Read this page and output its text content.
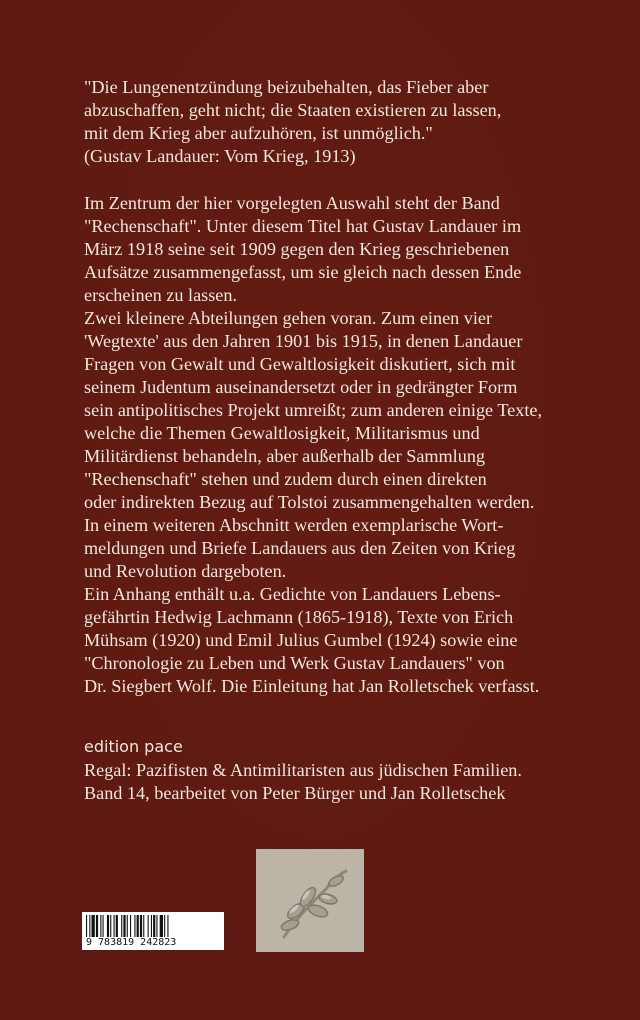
"Die Lungenentzündung beizubehalten, das Fieber aber
abzuschaffen, geht nicht; die Staaten existieren zu lassen,
mit dem Krieg aber aufzuhören, ist unmöglich."
(Gustav Landauer: Vom Krieg, 1913)
Im Zentrum der hier vorgelegten Auswahl steht der Band
"Rechenschaft". Unter diesem Titel hat Gustav Landauer im
März 1918 seine seit 1909 gegen den Krieg geschriebenen
Aufsätze zusammengefasst, um sie gleich nach dessen Ende
erscheinen zu lassen.
Zwei kleinere Abteilungen gehen voran. Zum einen vier
'Wegtexte' aus den Jahren 1901 bis 1915, in denen Landauer
Fragen von Gewalt und Gewaltlosigkeit diskutiert, sich mit
seinem Judentum auseinandersetzt oder in gedrängter Form
sein antipolitisches Projekt umreißt; zum anderen einige Texte,
welche die Themen Gewaltlosigkeit, Militarismus und
Militärdienst behandeln, aber außerhalb der Sammlung
"Rechenschaft" stehen und zudem durch einen direkten
oder indirekten Bezug auf Tolstoi zusammengehalten werden.
In einem weiteren Abschnitt werden exemplarische Wort-
meldungen und Briefe Landauers aus den Zeiten von Krieg
und Revolution dargeboten.
Ein Anhang enthält u.a. Gedichte von Landauers Lebens-
gefährtin Hedwig Lachmann (1865-1918), Texte von Erich
Mühsam (1920) und Emil Julius Gumbel (1924) sowie eine
"Chronologie zu Leben und Werk Gustav Landauers" von
Dr. Siegbert Wolf. Die Einleitung hat Jan Rolletschek verfasst.
edition pace
Regal: Pazifisten & Antimilitaristen aus jüdischen Familien.
Band 14, bearbeitet von Peter Bürger und Jan Rolletschek
9 783819 242823
